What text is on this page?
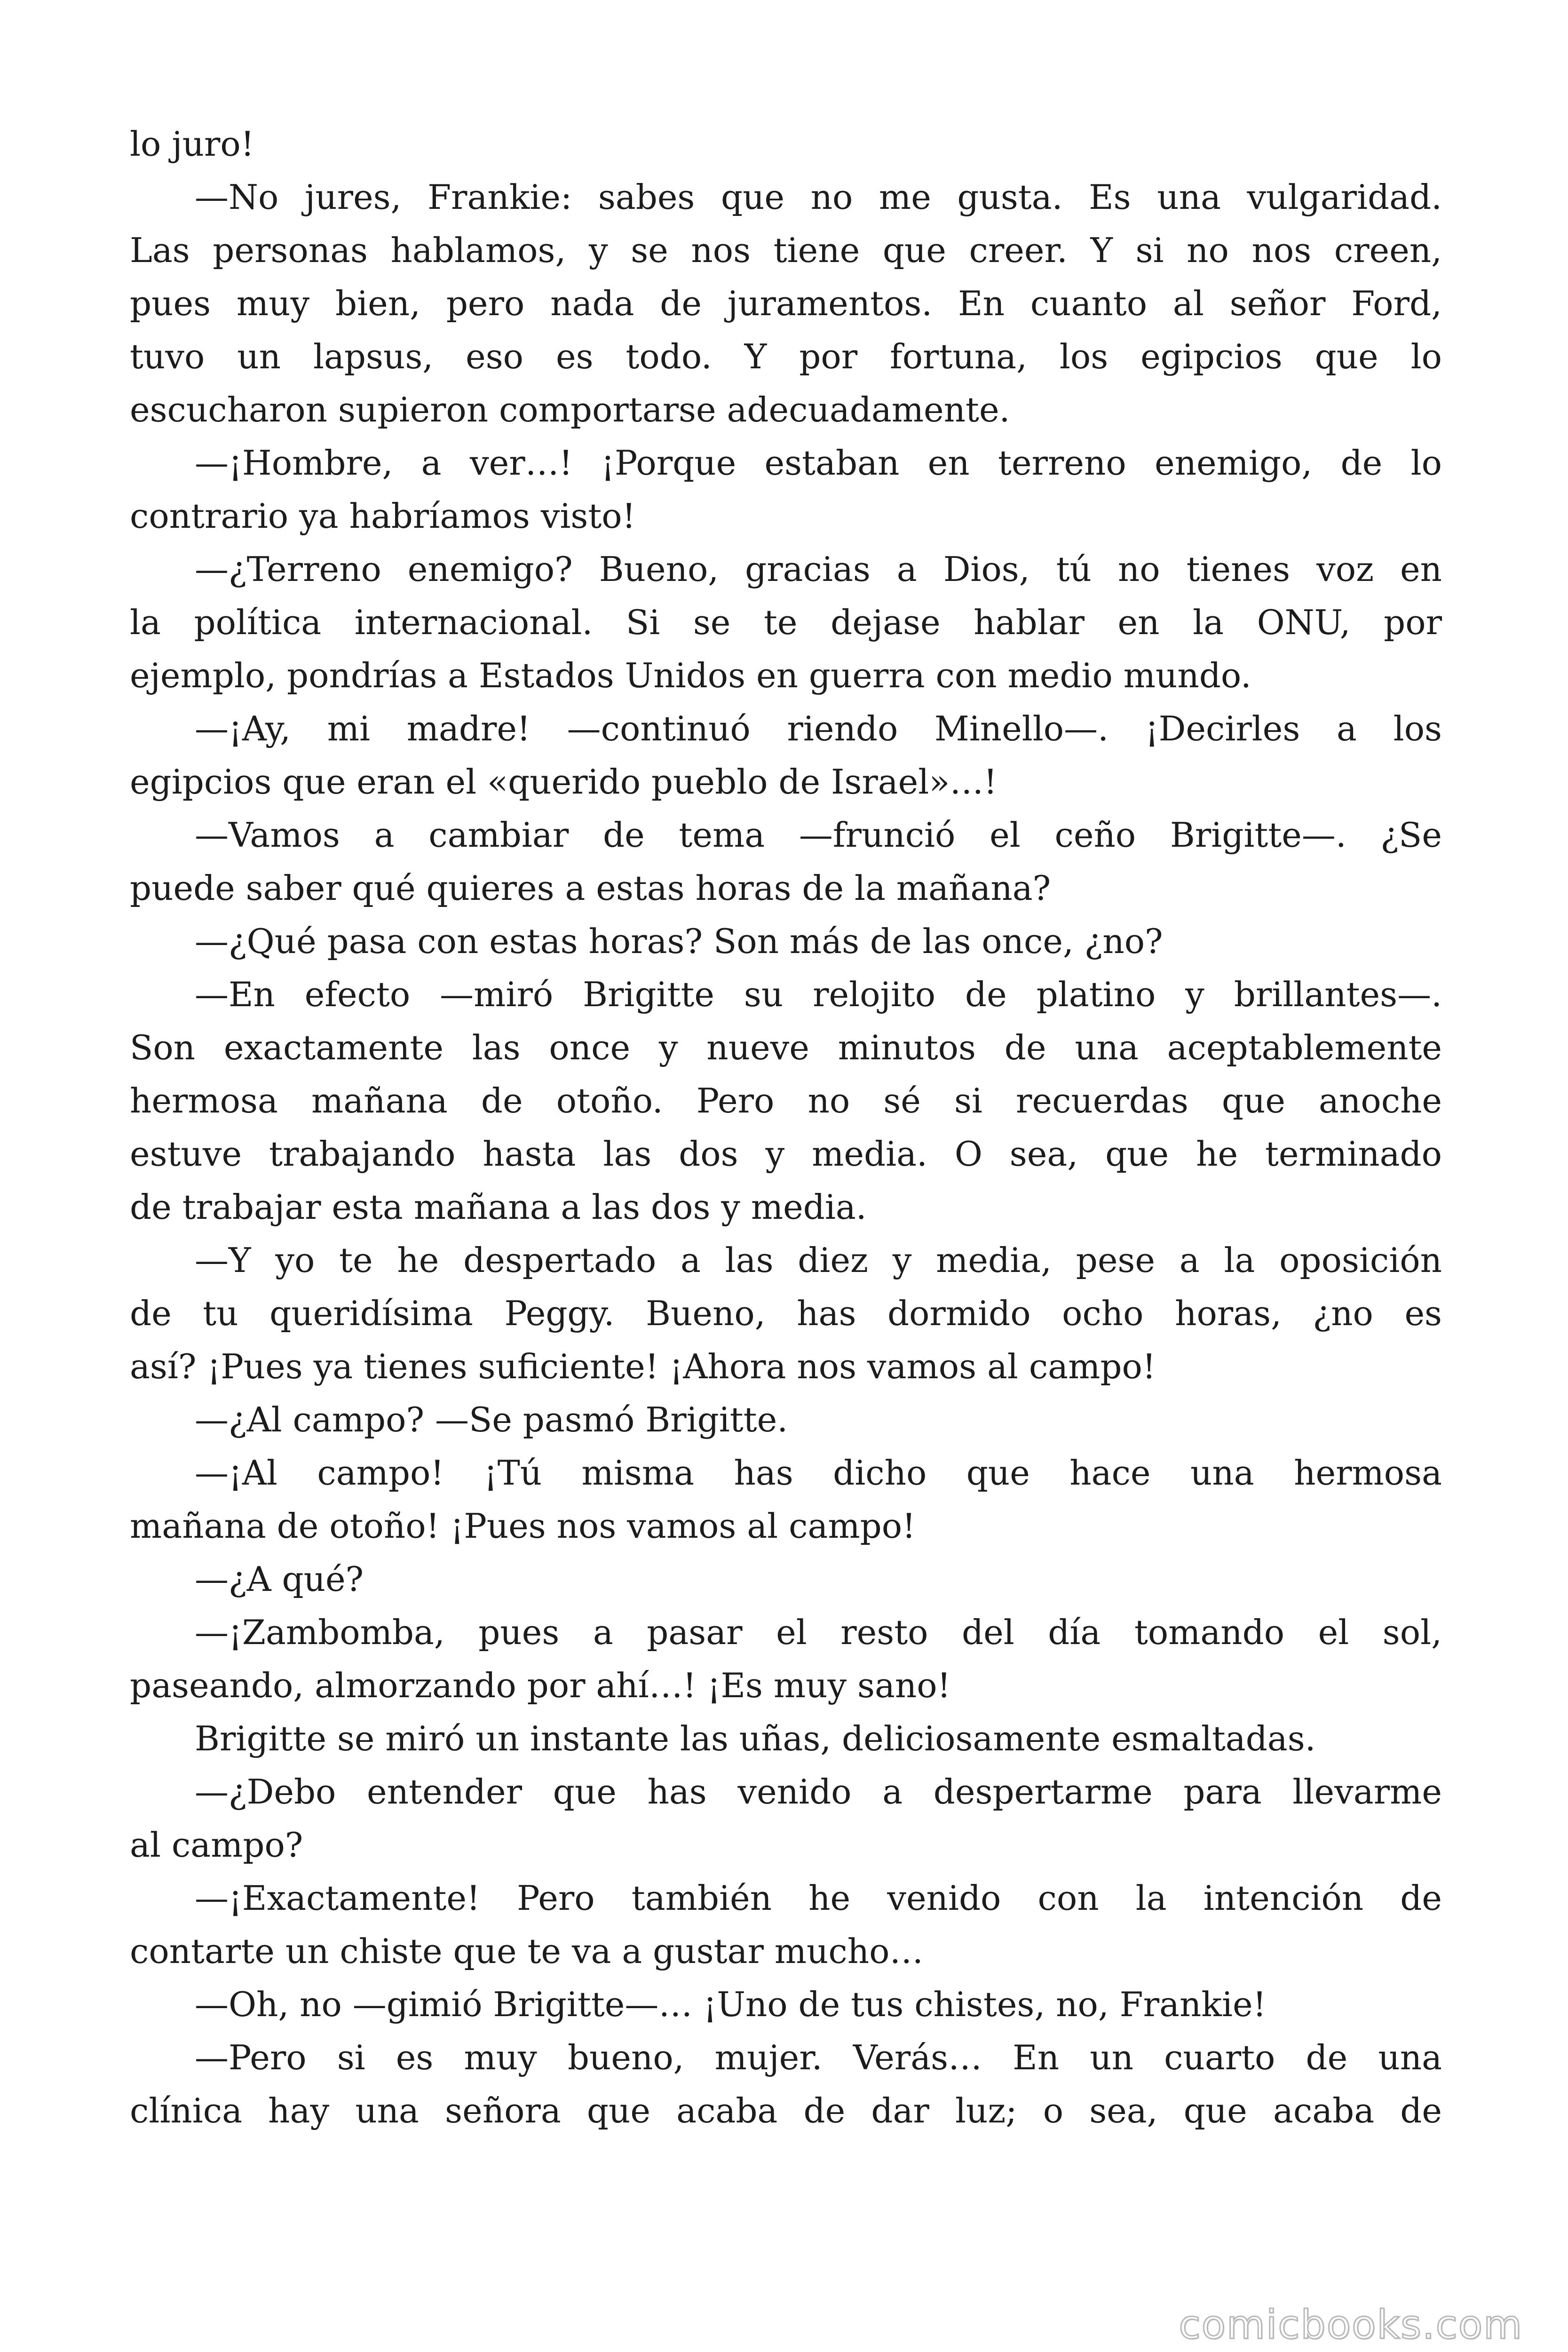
lo juro!
—No jures, Frankie: sabes que no me gusta. Es una vulgaridad.
Las personas hablamos, y se nos tiene que creer. Y si no nos creen,
pues muy bien, pero nada de juramentos. En cuanto al señor Ford,
tuvo un lapsus, eso es todo. Y por fortuna, los egipcios que lo
escucharon supieron comportarse adecuadamente.
—¡Hombre, a ver…! ¡Porque estaban en terreno enemigo, de lo
contrario ya habríamos visto!
—¿Terreno enemigo? Bueno, gracias a Dios, tú no tienes voz en
la política internacional. Si se te dejase hablar en la ONU, por
ejemplo, pondrías a Estados Unidos en guerra con medio mundo.
—¡Ay, mi madre! —continuó riendo Minello—. ¡Decirles a los
egipcios que eran el «querido pueblo de Israel»…!
—Vamos a cambiar de tema —frunció el ceño Brigitte—. ¿Se
puede saber qué quieres a estas horas de la mañana?
—¿Qué pasa con estas horas? Son más de las once, ¿no?
—En efecto —miró Brigitte su relojito de platino y brillantes—.
Son exactamente las once y nueve minutos de una aceptablemente
hermosa mañana de otoño. Pero no sé si recuerdas que anoche
estuve trabajando hasta las dos y media. O sea, que he terminado
de trabajar esta mañana a las dos y media.
—Y yo te he despertado a las diez y media, pese a la oposición
de tu queridísima Peggy. Bueno, has dormido ocho horas, ¿no es
así? ¡Pues ya tienes suficiente! ¡Ahora nos vamos al campo!
—¿Al campo? —Se pasmó Brigitte.
—¡Al campo! ¡Tú misma has dicho que hace una hermosa
mañana de otoño! ¡Pues nos vamos al campo!
—¿A qué?
—¡Zambomba, pues a pasar el resto del día tomando el sol,
paseando, almorzando por ahí…! ¡Es muy sano!
Brigitte se miró un instante las uñas, deliciosamente esmaltadas.
—¿Debo entender que has venido a despertarme para llevarme
al campo?
—¡Exactamente! Pero también he venido con la intención de
contarte un chiste que te va a gustar mucho…
—Oh, no —gimió Brigitte—… ¡Uno de tus chistes, no, Frankie!
—Pero si es muy bueno, mujer. Verás… En un cuarto de una
clínica hay una señora que acaba de dar luz; o sea, que acaba de
comicbooks.com
